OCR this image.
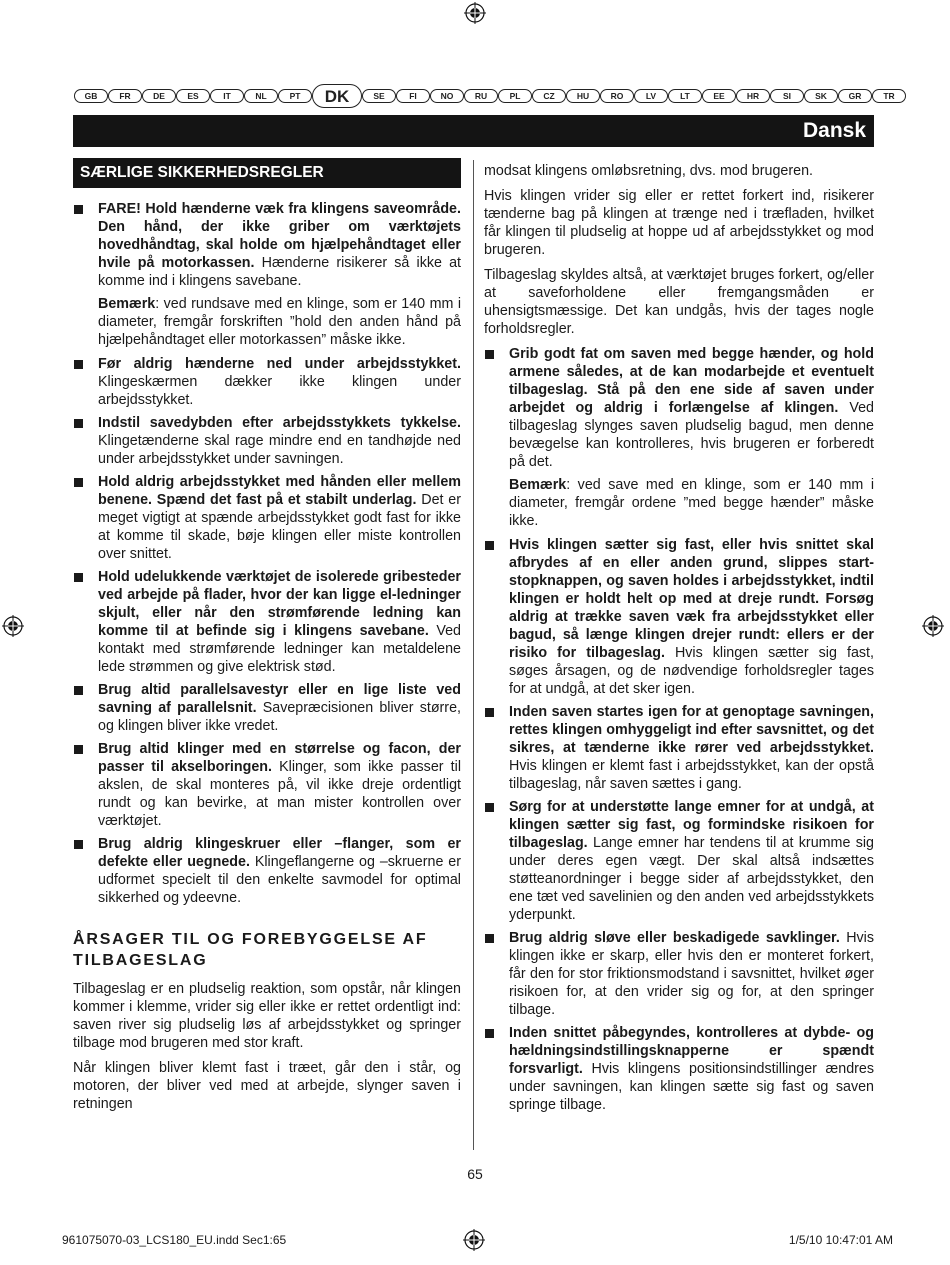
GB	FR	DE	ES	IT	NL	PT	DK	SE	FI	NO	RU	PL	CZ	HU	RO	LV	LT	EE	HR	SI	SK	GR	TR
Dansk
SÆRLIGE SIKKERHEDSREGLER
FARE! Hold hænderne væk fra klingens saveområde. Den hånd, der ikke griber om værktøjets hovedhåndtag, skal holde om hjælpehåndtaget eller hvile på motorkassen. Hænderne risikerer så ikke at komme ind i klingens savebane.
Bemærk: ved rundsave med en klinge, som er 140 mm i diameter, fremgår forskriften ”hold den anden hånd på hjælpehåndtaget eller motorkassen” måske ikke.
Før aldrig hænderne ned under arbejdsstykket. Klingeskærmen dækker ikke klingen under arbejdsstykket.
Indstil savedybden efter arbejdsstykkets tykkelse. Klingetænderne skal rage mindre end en tandhøjde ned under arbejdsstykket under savningen.
Hold aldrig arbejdsstykket med hånden eller mellem benene. Spænd det fast på et stabilt underlag. Det er meget vigtigt at spænde arbejdsstykket godt fast for ikke at komme til skade, bøje klingen eller miste kontrollen over snittet.
Hold udelukkende værktøjet de isolerede gribesteder ved arbejde på flader, hvor der kan ligge el-ledninger skjult, eller når den strømførende ledning kan komme til at befinde sig i klingens savebane. Ved kontakt med strømførende ledninger kan metaldelene lede strømmen og give elektrisk stød.
Brug altid parallelsavestyr eller en lige liste ved savning af parallelsnit. Savepræcisionen bliver større, og klingen bliver ikke vredet.
Brug altid klinger med en størrelse og facon, der passer til akselboringen. Klinger, som ikke passer til akslen, de skal monteres på, vil ikke dreje ordentligt rundt og kan bevirke, at man mister kontrollen over værktøjet.
Brug aldrig klingeskruer eller –flanger, som er defekte eller uegnede. Klingeflangerne og –skruerne er udformet specielt til den enkelte savmodel for optimal sikkerhed og ydeevne.
ÅRSAGER TIL OG FOREBYGGELSE AF TILBAGESLAG

Tilbageslag er en pludselig reaktion, som opstår, når klingen kommer i klemme, vrider sig eller ikke er rettet ordentligt ind: saven river sig pludselig løs af arbejdsstykket og springer tilbage mod brugeren med stor kraft.

Når klingen bliver klemt fast i træet, går den i står, og motoren, der bliver ved med at arbejde, slynger saven i retningen

modsat klingens omløbsretning, dvs. mod brugeren.

Hvis klingen vrider sig eller er rettet forkert ind, risikerer tænderne bag på klingen at trænge ned i træfladen, hvilket får klingen til pludselig at hoppe ud af arbejdsstykket og mod brugeren.

Tilbageslag skyldes altså, at værktøjet bruges forkert, og/eller at saveforholdene eller fremgangsmåden er uhensigtsmæssige. Det kan undgås, hvis der tages nogle forholdsregler.

Grib godt fat om saven med begge hænder, og hold armene således, at de kan modarbejde et eventuelt tilbageslag. Stå på den ene side af saven under arbejdet og aldrig i forlængelse af klingen. Ved tilbageslag slynges saven pludselig bagud, men denne bevægelse kan kontrolleres, hvis brugeren er forberedt på det.
Bemærk: ved save med en klinge, som er 140 mm i diameter, fremgår ordene ”med begge hænder” måske ikke.
Hvis klingen sætter sig fast, eller hvis snittet skal afbrydes af en eller anden grund, slippes start-stopknappen, og saven holdes i arbejdsstykket, indtil klingen er holdt helt op med at dreje rundt. Forsøg aldrig at trække saven væk fra arbejdsstykket eller bagud, så længe klingen drejer rundt: ellers er der risiko for tilbageslag. Hvis klingen sætter sig fast, søges årsagen, og de nødvendige forholdsregler tages for at undgå, at det sker igen.
Inden saven startes igen for at genoptage savningen, rettes klingen omhyggeligt ind efter savsnittet, og det sikres, at tænderne ikke rører ved arbejdsstykket. Hvis klingen er klemt fast i arbejdsstykket, kan der opstå tilbageslag, når saven sættes i gang.
Sørg for at understøtte lange emner for at undgå, at klingen sætter sig fast, og formindske risikoen for tilbageslag. Lange emner har tendens til at krumme sig under deres egen vægt. Der skal altså indsættes støtteanordninger i begge sider af arbejdsstykket, den ene tæt ved savelinien og den anden ved arbejdsstykkets yderpunkt.
Brug aldrig sløve eller beskadigede savklinger. Hvis klingen ikke er skarp, eller hvis den er monteret forkert, får den for stor friktionsmodstand i savsnittet, hvilket øger risikoen for, at den vrider sig og for, at den springer tilbage.
Inden snittet påbegyndes, kontrolleres at dybde- og hældningsindstillingsknapperne er spændt forsvarligt. Hvis klingens positionsindstillinger ændres under savningen, kan klingen sætte sig fast og saven springe tilbage.
65
961075070-03_LCS180_EU.indd Sec1:65	1/5/10 10:47:01 AM
